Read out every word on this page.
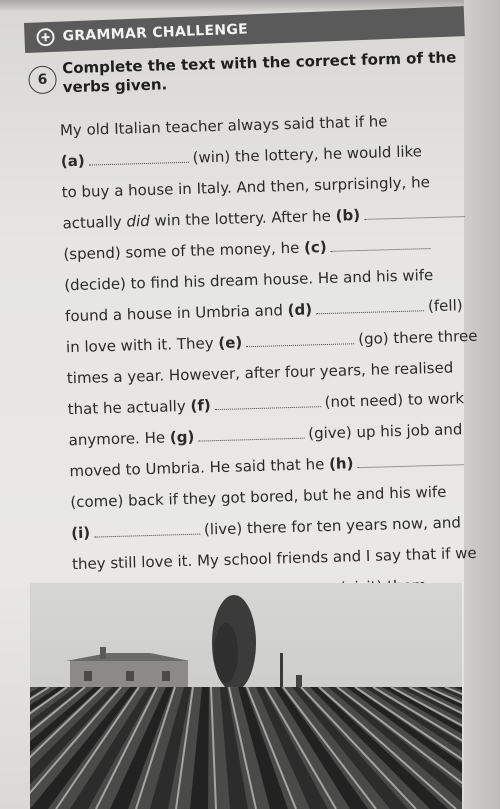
GRAMMAR CHALLENGE
6
Complete the text with the correct form of the
verbs given.
My old Italian teacher always said that if he
(a)	(win) the lottery, he would like
to buy a house in Italy. And then, surprisingly, he
actually did win the lottery. After he (b)
(spend) some of the money, he (c)
(decide) to find his dream house. He and his wife
found a house in Umbria and (d)	(fell)
in love with it. They (e)	(go) there three
times a year. However, after four years, he realised
that he actually (f)	(not need) to work
anymore. He (g)	(give) up his job and
moved to Umbria. He said that he (h)
(come) back if they got bored, but he and his wife
(i)	(live) there for ten years now, and
they still love it. My school friends and I say that if we
